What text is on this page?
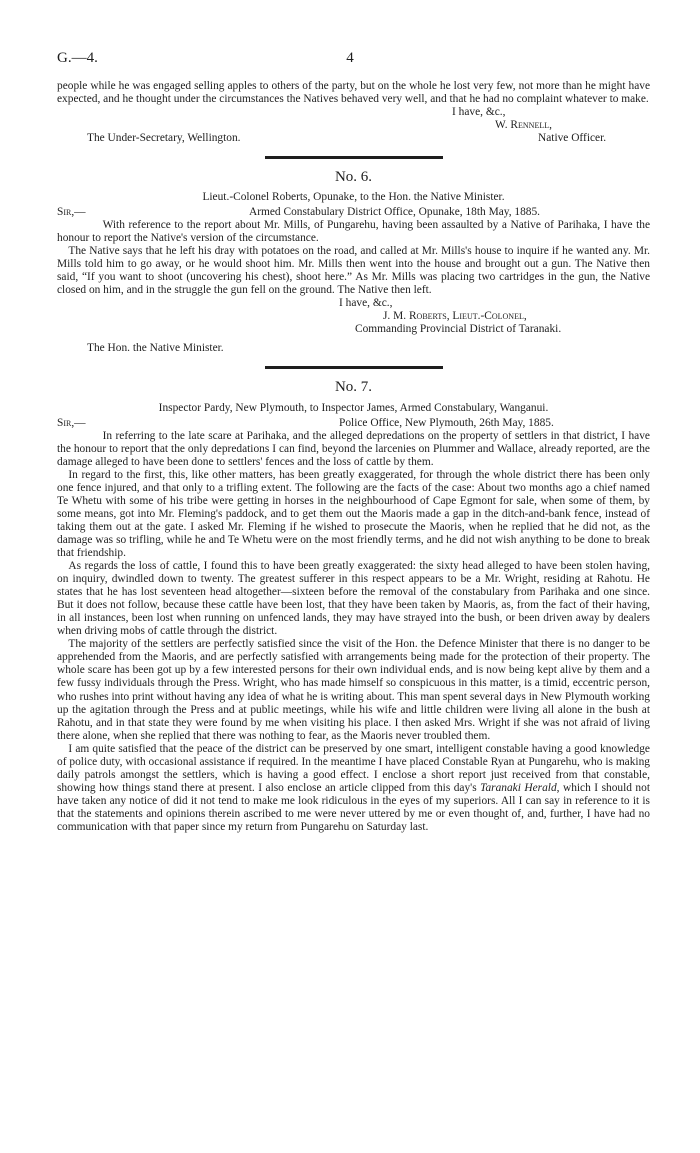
G.—4.	4

people while he was engaged selling apples to others of the party, but on the whole he lost very few, not more than he might have expected, and he thought under the circumstances the Natives behaved very well, and that he had no complaint whatever to make.

I have, &c.,
W. Rennell,
The Under-Secretary, Wellington.	Native Officer.
No. 6.
Lieut.-Colonel Roberts, Opunake, to the Hon. the Native Minister.
Sir,—	Armed Constabulary District Office, Opunake, 18th May, 1885.

With reference to the report about Mr. Mills, of Pungarehu, having been assaulted by a Native of Parihaka, I have the honour to report the Native's version of the circumstance.

The Native says that he left his dray with potatoes on the road, and called at Mr. Mills's house to inquire if he wanted any. Mr. Mills told him to go away, or he would shoot him. Mr. Mills then went into the house and brought out a gun. The Native then said, “If you want to shoot (uncovering his chest), shoot here.” As Mr. Mills was placing two cartridges in the gun, the Native closed on him, and in the struggle the gun fell on the ground. The Native then left.

I have, &c.,
J. M. Roberts, Lieut.-Colonel,
Commanding Provincial District of Taranaki.
The Hon. the Native Minister.
No. 7.
Inspector Pardy, New Plymouth, to Inspector James, Armed Constabulary, Wanganui.
Sir,—	Police Office, New Plymouth, 26th May, 1885.

In referring to the late scare at Parihaka, and the alleged depredations on the property of settlers in that district, I have the honour to report that the only depredations I can find, beyond the larcenies on Plummer and Wallace, already reported, are the damage alleged to have been done to settlers' fences and the loss of cattle by them.

In regard to the first, this, like other matters, has been greatly exaggerated, for through the whole district there has been only one fence injured, and that only to a trifling extent. The following are the facts of the case: About two months ago a chief named Te Whetu with some of his tribe were getting in horses in the neighbourhood of Cape Egmont for sale, when some of them, by some means, got into Mr. Fleming's paddock, and to get them out the Maoris made a gap in the ditch-and-bank fence, instead of taking them out at the gate. I asked Mr. Fleming if he wished to prosecute the Maoris, when he replied that he did not, as the damage was so trifling, while he and Te Whetu were on the most friendly terms, and he did not wish anything to be done to break that friendship.

As regards the loss of cattle, I found this to have been greatly exaggerated: the sixty head alleged to have been stolen having, on inquiry, dwindled down to twenty. The greatest sufferer in this respect appears to be a Mr. Wright, residing at Rahotu. He states that he has lost seventeen head altogether—sixteen before the removal of the constabulary from Parihaka and one since. But it does not follow, because these cattle have been lost, that they have been taken by Maoris, as, from the fact of their having, in all instances, been lost when running on unfenced lands, they may have strayed into the bush, or been driven away by dealers when driving mobs of cattle through the district.

The majority of the settlers are perfectly satisfied since the visit of the Hon. the Defence Minister that there is no danger to be apprehended from the Maoris, and are perfectly satisfied with arrangements being made for the protection of their property. The whole scare has been got up by a few interested persons for their own individual ends, and is now being kept alive by them and a few fussy individuals through the Press. Wright, who has made himself so conspicuous in this matter, is a timid, eccentric person, who rushes into print without having any idea of what he is writing about. This man spent several days in New Plymouth working up the agitation through the Press and at public meetings, while his wife and little children were living all alone in the bush at Rahotu, and in that state they were found by me when visiting his place. I then asked Mrs. Wright if she was not afraid of living there alone, when she replied that there was nothing to fear, as the Maoris never troubled them.

I am quite satisfied that the peace of the district can be preserved by one smart, intelligent constable having a good knowledge of police duty, with occasional assistance if required. In the meantime I have placed Constable Ryan at Pungarehu, who is making daily patrols amongst the settlers, which is having a good effect. I enclose a short report just received from that constable, showing how things stand there at present. I also enclose an article clipped from this day's Taranaki Herald, which I should not have taken any notice of did it not tend to make me look ridiculous in the eyes of my superiors. All I can say in reference to it is that the statements and opinions therein ascribed to me were never uttered by me or even thought of, and, further, I have had no communication with that paper since my return from Pungarehu on Saturday last.
